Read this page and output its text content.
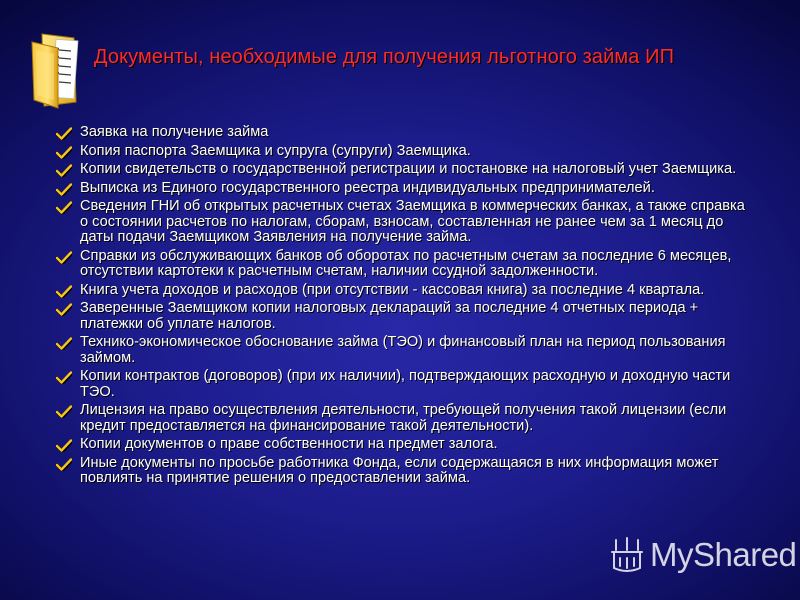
Документы, необходимые для получения льготного займа ИП
Заявка на получение займа
Копия паспорта Заемщика и супруга (супруги) Заемщика.
Копии свидетельств о государственной регистрации и постановке на налоговый учет Заемщика.
Выписка из Единого государственного реестра индивидуальных предпринимателей.
Сведения ГНИ об открытых расчетных счетах Заемщика в коммерческих банках, а также справка о состоянии расчетов по налогам, сборам, взносам, составленная не ранее чем за 1 месяц до даты подачи Заемщиком Заявления на получение займа.
Справки из обслуживающих банков об оборотах по расчетным счетам за последние 6 месяцев, отсутствии картотеки к расчетным счетам, наличии ссудной задолженности.
Книга учета доходов и расходов (при отсутствии - кассовая книга) за последние 4 квартала.
Заверенные Заемщиком копии налоговых деклараций за последние 4 отчетных периода + платежки об уплате налогов.
Технико-экономическое обоснование займа (ТЭО) и финансовый план на период пользования займом.
Копии контрактов (договоров) (при их наличии), подтверждающих расходную и доходную части ТЭО.
Лицензия на право осуществления деятельности, требующей получения такой лицензии (если кредит предоставляется на финансирование такой деятельности).
Копии документов о праве собственности на предмет залога.
Иные документы по просьбе работника Фонда, если содержащаяся в них информация может повлиять на принятие решения о предоставлении займа.
MyShared
